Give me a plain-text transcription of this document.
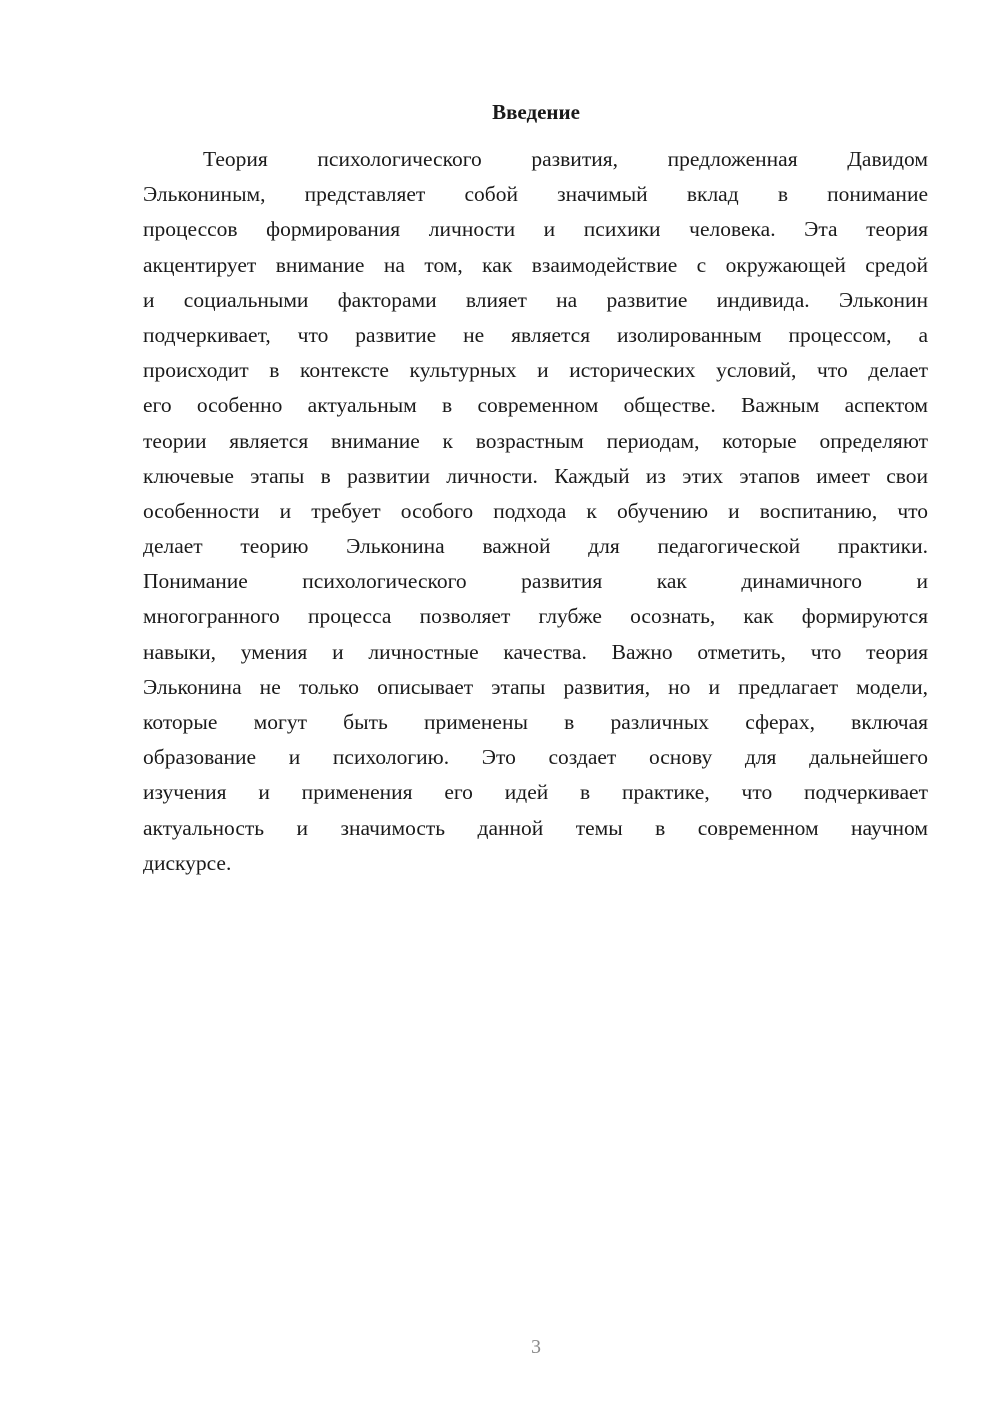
Введение
Теория психологического развития, предложенная Давидом
Элькониным, представляет собой значимый вклад в понимание
процессов формирования личности и психики человека. Эта теория
акцентирует внимание на том, как взаимодействие с окружающей средой
и социальными факторами влияет на развитие индивида. Эльконин
подчеркивает, что развитие не является изолированным процессом, а
происходит в контексте культурных и исторических условий, что делает
его особенно актуальным в современном обществе. Важным аспектом
теории является внимание к возрастным периодам, которые определяют
ключевые этапы в развитии личности. Каждый из этих этапов имеет свои
особенности и требует особого подхода к обучению и воспитанию, что
делает теорию Эльконина важной для педагогической практики.
Понимание психологического развития как динамичного и
многогранного процесса позволяет глубже осознать, как формируются
навыки, умения и личностные качества. Важно отметить, что теория
Эльконина не только описывает этапы развития, но и предлагает модели,
которые могут быть применены в различных сферах, включая
образование и психологию. Это создает основу для дальнейшего
изучения и применения его идей в практике, что подчеркивает
актуальность и значимость данной темы в современном научном
дискурсе.
3
